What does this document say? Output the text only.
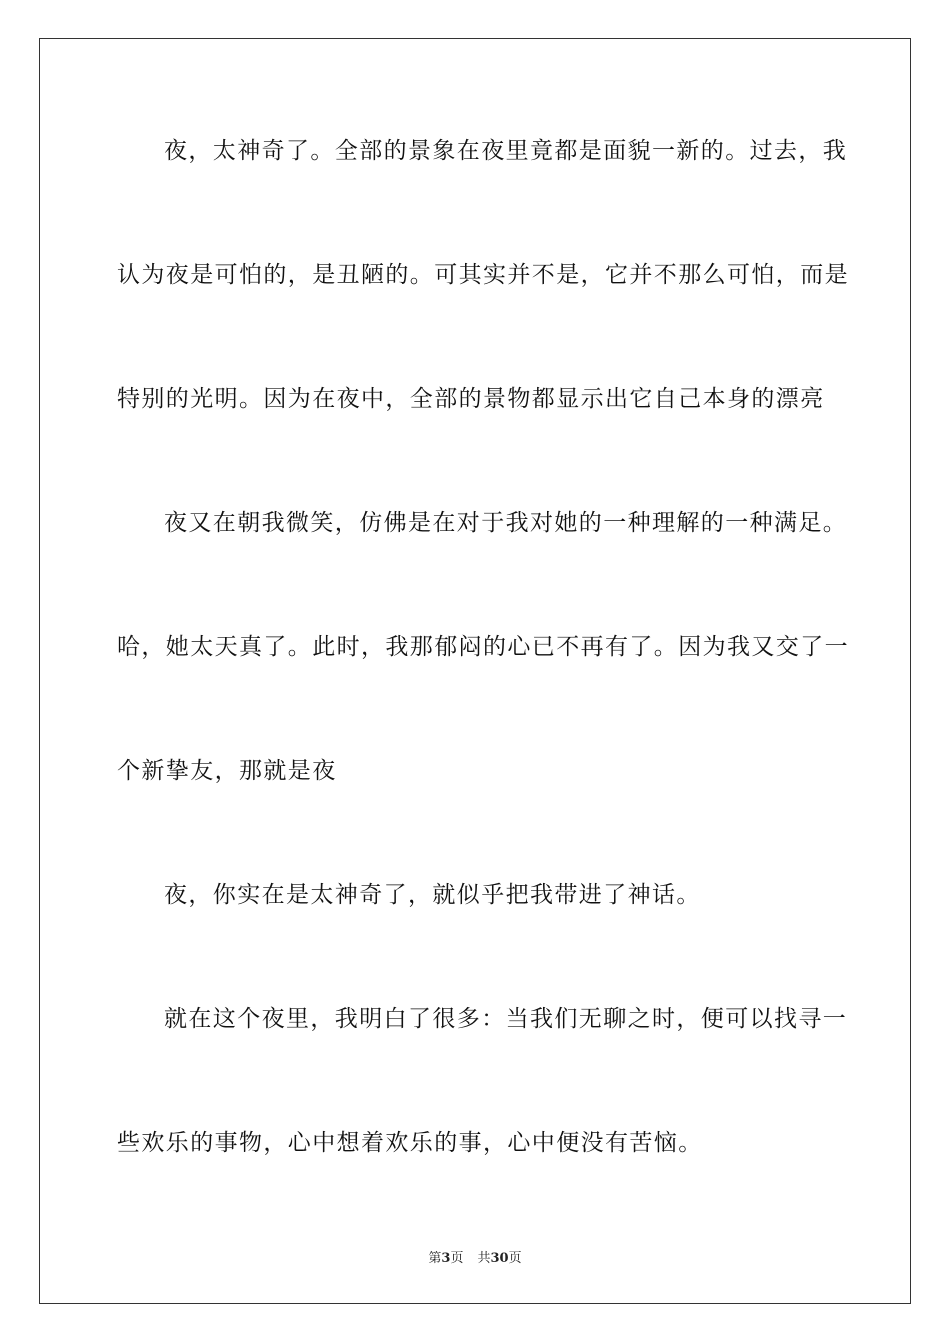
夜，太神奇了。全部的景象在夜里竟都是面貌一新的。过去，我
认为夜是可怕的，是丑陋的。可其实并不是，它并不那么可怕，而是
特别的光明。因为在夜中，全部的景物都显示出它自己本身的漂亮
夜又在朝我微笑，仿佛是在对于我对她的一种理解的一种满足。
哈，她太天真了。此时，我那郁闷的心已不再有了。因为我又交了一
个新挚友，那就是夜
夜，你实在是太神奇了，就似乎把我带进了神话。
就在这个夜里，我明白了很多：当我们无聊之时，便可以找寻一
些欢乐的事物，心中想着欢乐的事，心中便没有苦恼。
第3页 共30页
